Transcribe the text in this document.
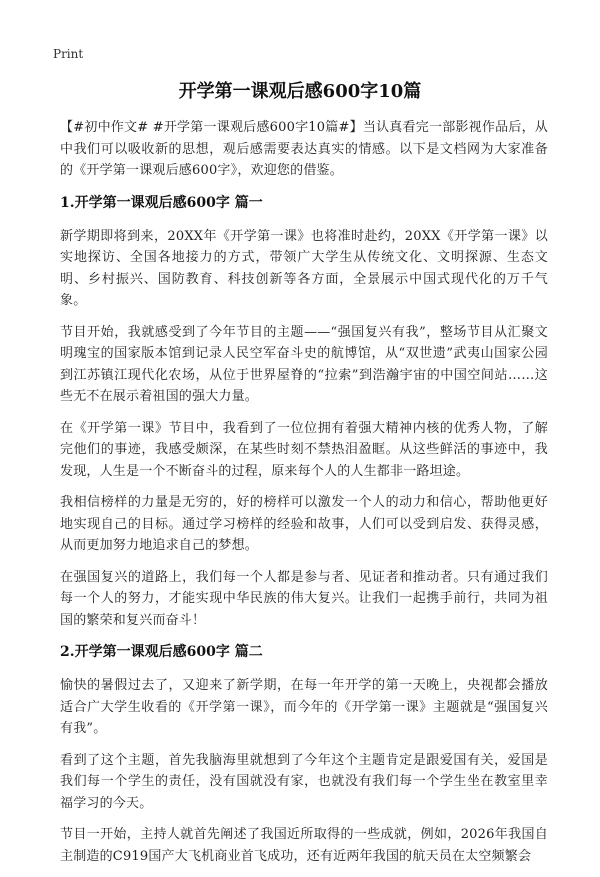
Print
开学第一课观后感600字10篇

【#初中作文# #开学第一课观后感600字10篇#】当认真看完一部影视作品后，从中我们可以吸收新的思想，观后感需要表达真实的情感。以下是文档网为大家准备的《开学第一课观后感600字》，欢迎您的借鉴。

1.开学第一课观后感600字 篇一

新学期即将到来，20XX年《开学第一课》也将准时赴约，20XX《开学第一课》以实地探访、全国各地接力的方式，带领广大学生从传统文化、文明探源、生态文明、乡村振兴、国防教育、科技创新等各方面，全景展示中国式现代化的万千气象。

节目开始，我就感受到了今年节目的主题——“强国复兴有我”，整场节目从汇聚文明瑰宝的国家版本馆到记录人民空军奋斗史的航博馆，从“双世遗”武夷山国家公园到江苏镇江现代化农场，从位于世界屋脊的“拉索”到浩瀚宇宙的中国空间站……这些无不在展示着祖国的强大力量。

在《开学第一课》节目中，我看到了一位位拥有着强大精神内核的优秀人物，了解完他们的事迹，我感受颇深，在某些时刻不禁热泪盈眶。从这些鲜活的事迹中，我发现，人生是一个不断奋斗的过程，原来每个人的人生都非一路坦途。

我相信榜样的力量是无穷的，好的榜样可以激发一个人的动力和信心，帮助他更好地实现自己的目标。通过学习榜样的经验和故事，人们可以受到启发、获得灵感，从而更加努力地追求自己的梦想。

在强国复兴的道路上，我们每一个人都是参与者、见证者和推动者。只有通过我们每一个人的努力，才能实现中华民族的伟大复兴。让我们一起携手前行，共同为祖国的繁荣和复兴而奋斗！

2.开学第一课观后感600字 篇二

愉快的暑假过去了，又迎来了新学期，在每一年开学的第一天晚上，央视都会播放适合广大学生收看的《开学第一课》，而今年的《开学第一课》主题就是“强国复兴有我”。

看到了这个主题，首先我脑海里就想到了今年这个主题肯定是跟爱国有关，爱国是我们每一个学生的责任，没有国就没有家，也就没有我们每一个学生坐在教室里幸福学习的今天。

节目一开始，主持人就首先阐述了我国近所取得的一些成就，例如，2026年我国自主制造的C919国产大飞机商业首飞成功，还有近两年我国的航天员在太空频繁会
